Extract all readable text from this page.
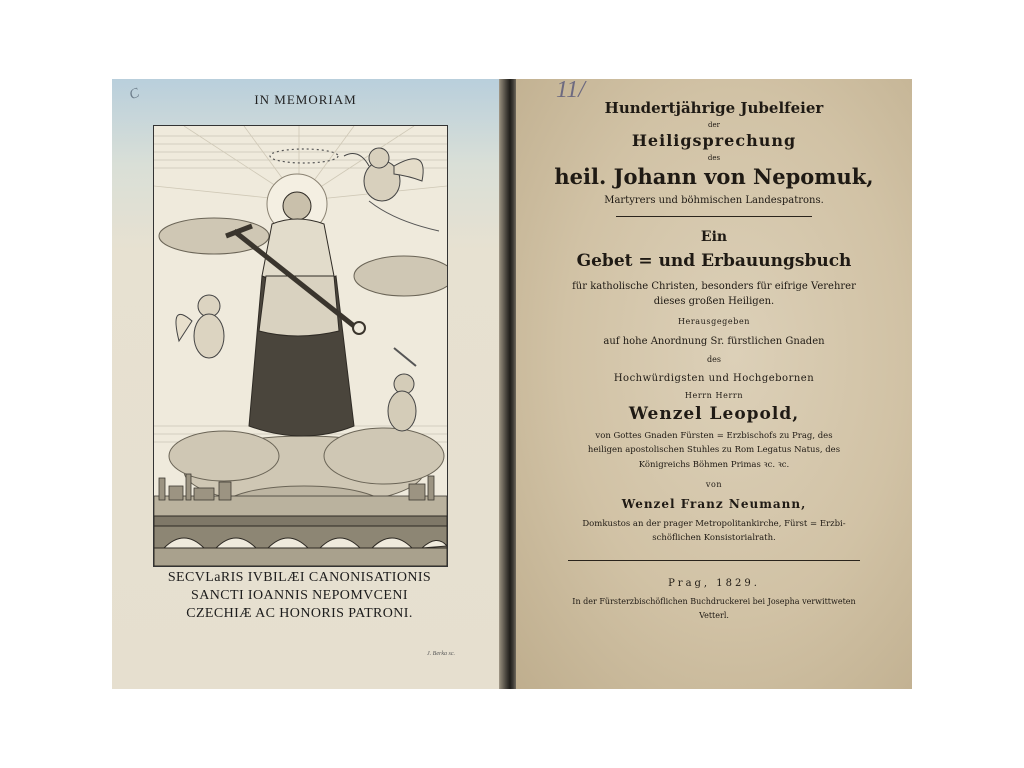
C	IN MEMORIAM
SECVLaRIS IVBILÆI CANONISATIONIS
SANCTI IOANNIS NEPOMVCENI
CZECHIÆ AC HONORIS PATRONI.
J. Berka sc.
11/
Hundertjährige Jubelfeier
der
Heiligsprechung
des
heil. Johann von Nepomuk,
Martyrers und böhmischen Landespatrons.
Ein
Gebet = und Erbauungsbuch
für katholische Christen, besonders für eifrige Verehrer
dieses großen Heiligen.
Herausgegeben
auf hohe Anordnung Sr. fürstlichen Gnaden
des
Hochwürdigsten und Hochgebornen
Herrn Herrn
Wenzel Leopold,
von Gottes Gnaden Fürsten = Erzbischofs zu Prag, des
heiligen apostolischen Stuhles zu Rom Legatus Natus, des
Königreichs Böhmen Primas ꝛc. ꝛc.
von
Wenzel Franz Neumann,
Domkustos an der prager Metropolitankirche, Fürst = Erzbi-
schöflichen Konsistorialrath.
Prag, 1829.
In der Fürsterzbischöflichen Buchdruckerei bei Josepha verwittweten
Vetterl.
